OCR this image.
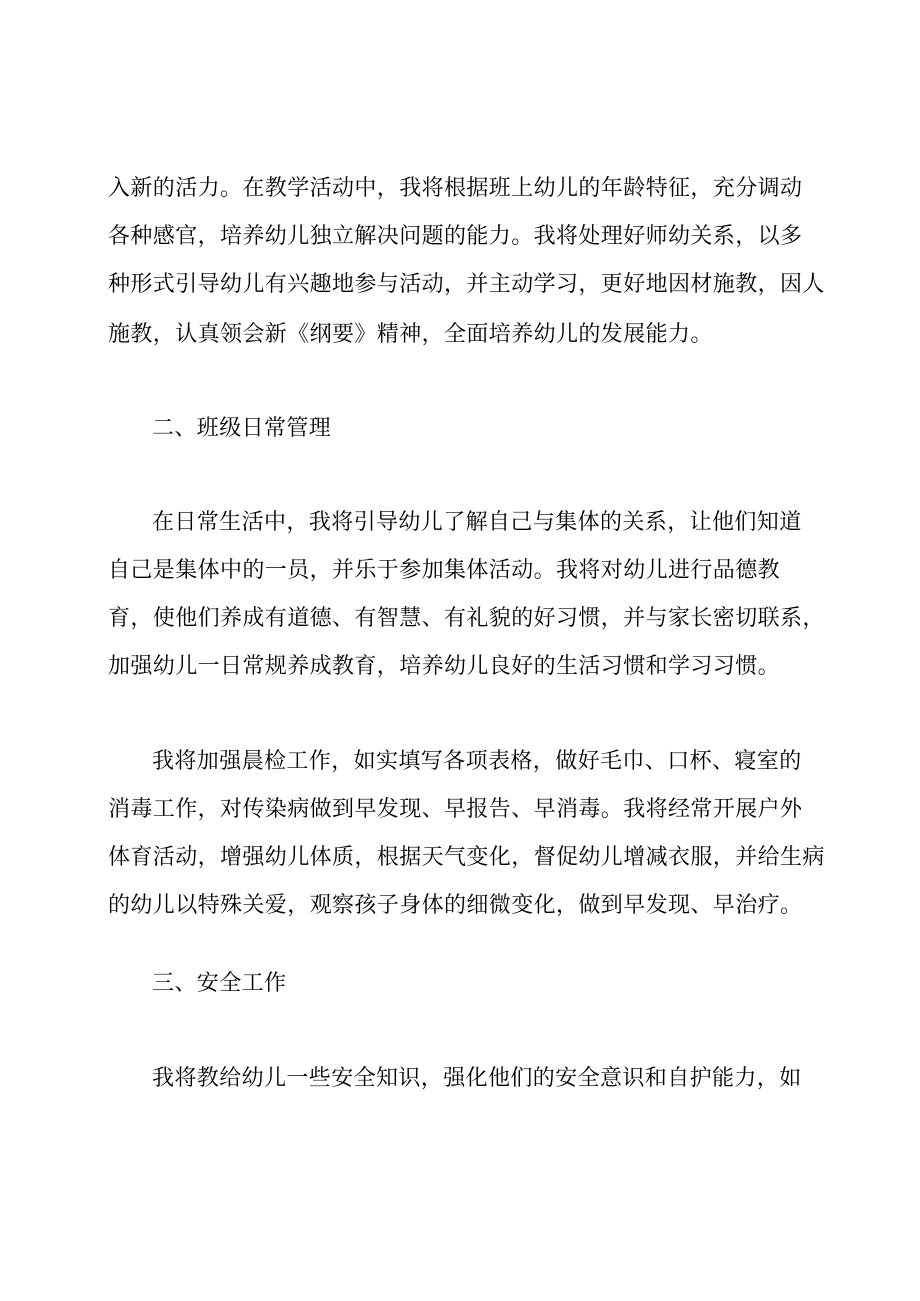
入新的活力。在教学活动中，我将根据班上幼儿的年龄特征，充分调动
各种感官，培养幼儿独立解决问题的能力。我将处理好师幼关系，以多
种形式引导幼儿有兴趣地参与活动，并主动学习，更好地因材施教，因人
施教，认真领会新《纲要》精神，全面培养幼儿的发展能力。
二、班级日常管理
在日常生活中，我将引导幼儿了解自己与集体的关系，让他们知道
自己是集体中的一员，并乐于参加集体活动。我将对幼儿进行品德教
育，使他们养成有道德、有智慧、有礼貌的好习惯，并与家长密切联系，
加强幼儿一日常规养成教育，培养幼儿良好的生活习惯和学习习惯。
我将加强晨检工作，如实填写各项表格，做好毛巾、口杯、寝室的
消毒工作，对传染病做到早发现、早报告、早消毒。我将经常开展户外
体育活动，增强幼儿体质，根据天气变化，督促幼儿增减衣服，并给生病
的幼儿以特殊关爱，观察孩子身体的细微变化，做到早发现、早治疗。
三、安全工作
我将教给幼儿一些安全知识，强化他们的安全意识和自护能力，如
